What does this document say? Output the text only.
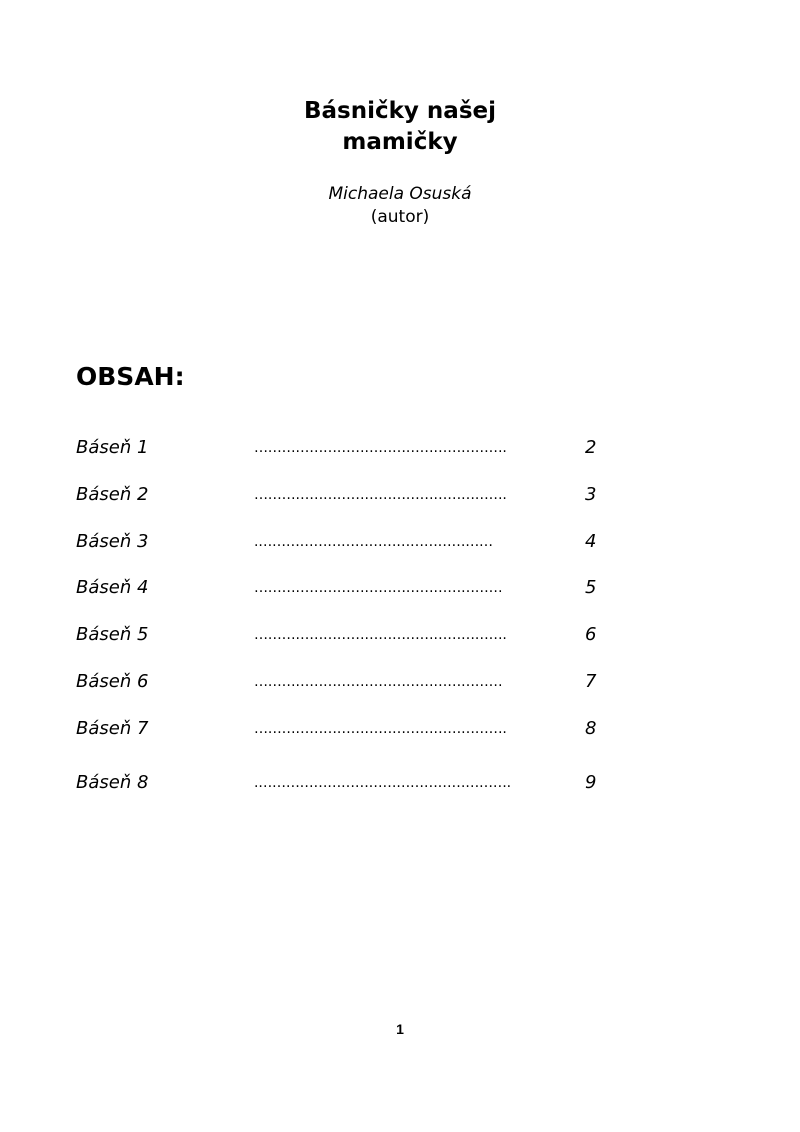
Básničky našej
mamičky
Michaela Osuská
(autor)
OBSAH:
Báseň 1	……………………………………………….	2
Báseň 2	……………………………………………….	3
Báseň 3	.……………………………………………	4
Báseň 4	………………………………………………	5
Báseň 5	……………………………………………….	6
Báseň 6	………………………………………………	7
Báseň 7	……………………………………………….	8
Báseň 8	.……………………………………………….	9
1
